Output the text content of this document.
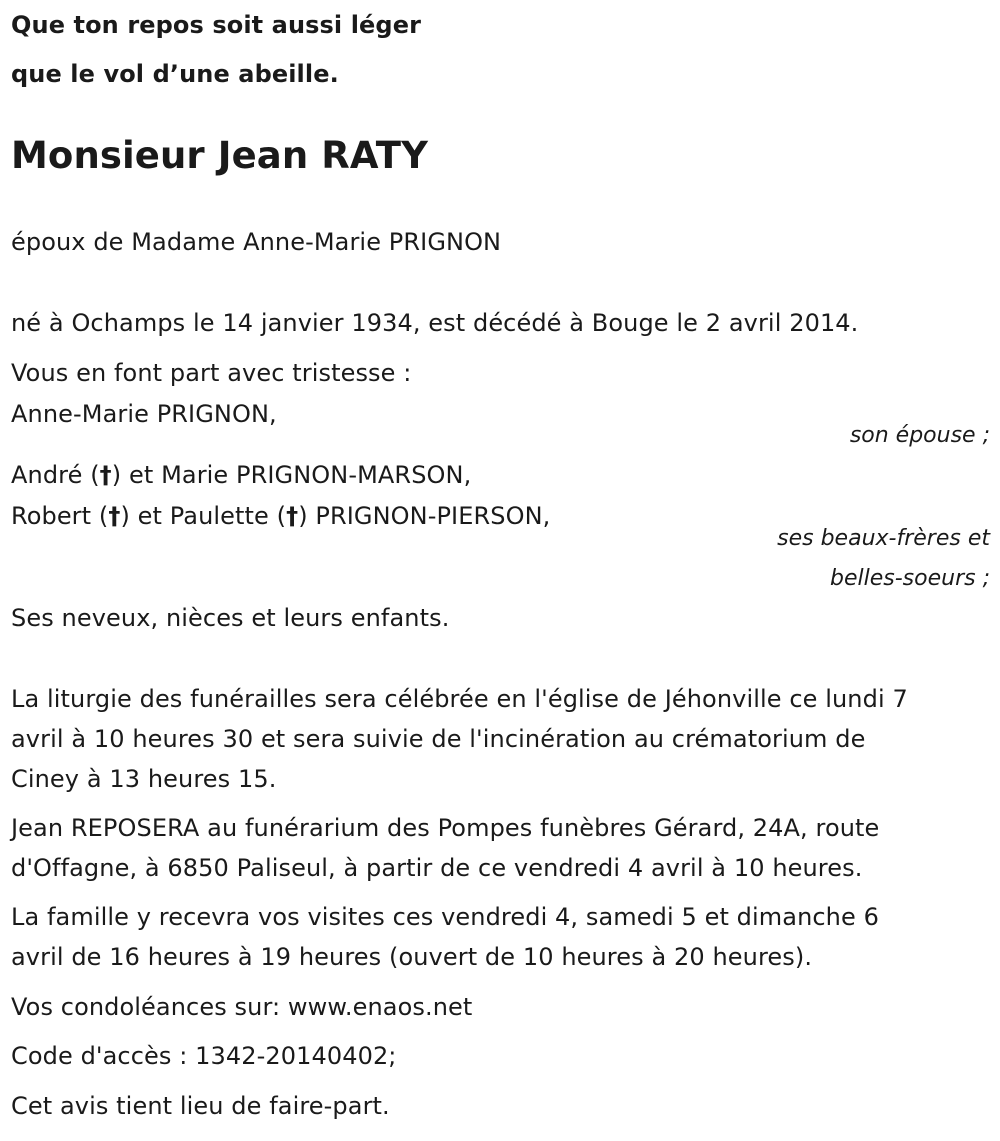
Que ton repos soit aussi léger
que le vol d’une abeille.
Monsieur Jean RATY
époux de Madame Anne-Marie PRIGNON
né à Ochamps le 14 janvier 1934, est décédé à Bouge le 2 avril 2014.
Vous en font part avec tristesse :
Anne-Marie PRIGNON,
son épouse ;
André (†) et Marie PRIGNON-MARSON,
Robert (†) et Paulette (†) PRIGNON-PIERSON,
ses beaux-frères et
belles-soeurs ;
Ses neveux, nièces et leurs enfants.
La liturgie des funérailles sera célébrée en l'église de Jéhonville ce lundi 7
avril à 10 heures 30 et sera suivie de l'incinération au crématorium de
Ciney à 13 heures 15.
Jean REPOSERA au funérarium des Pompes funèbres Gérard, 24A, route
d'Offagne, à 6850 Paliseul, à partir de ce vendredi 4 avril à 10 heures.
La famille y recevra vos visites ces vendredi 4, samedi 5 et dimanche 6
avril de 16 heures à 19 heures (ouvert de 10 heures à 20 heures).
Vos condoléances sur: www.enaos.net
Code d'accès : 1342-20140402;
Cet avis tient lieu de faire-part.
